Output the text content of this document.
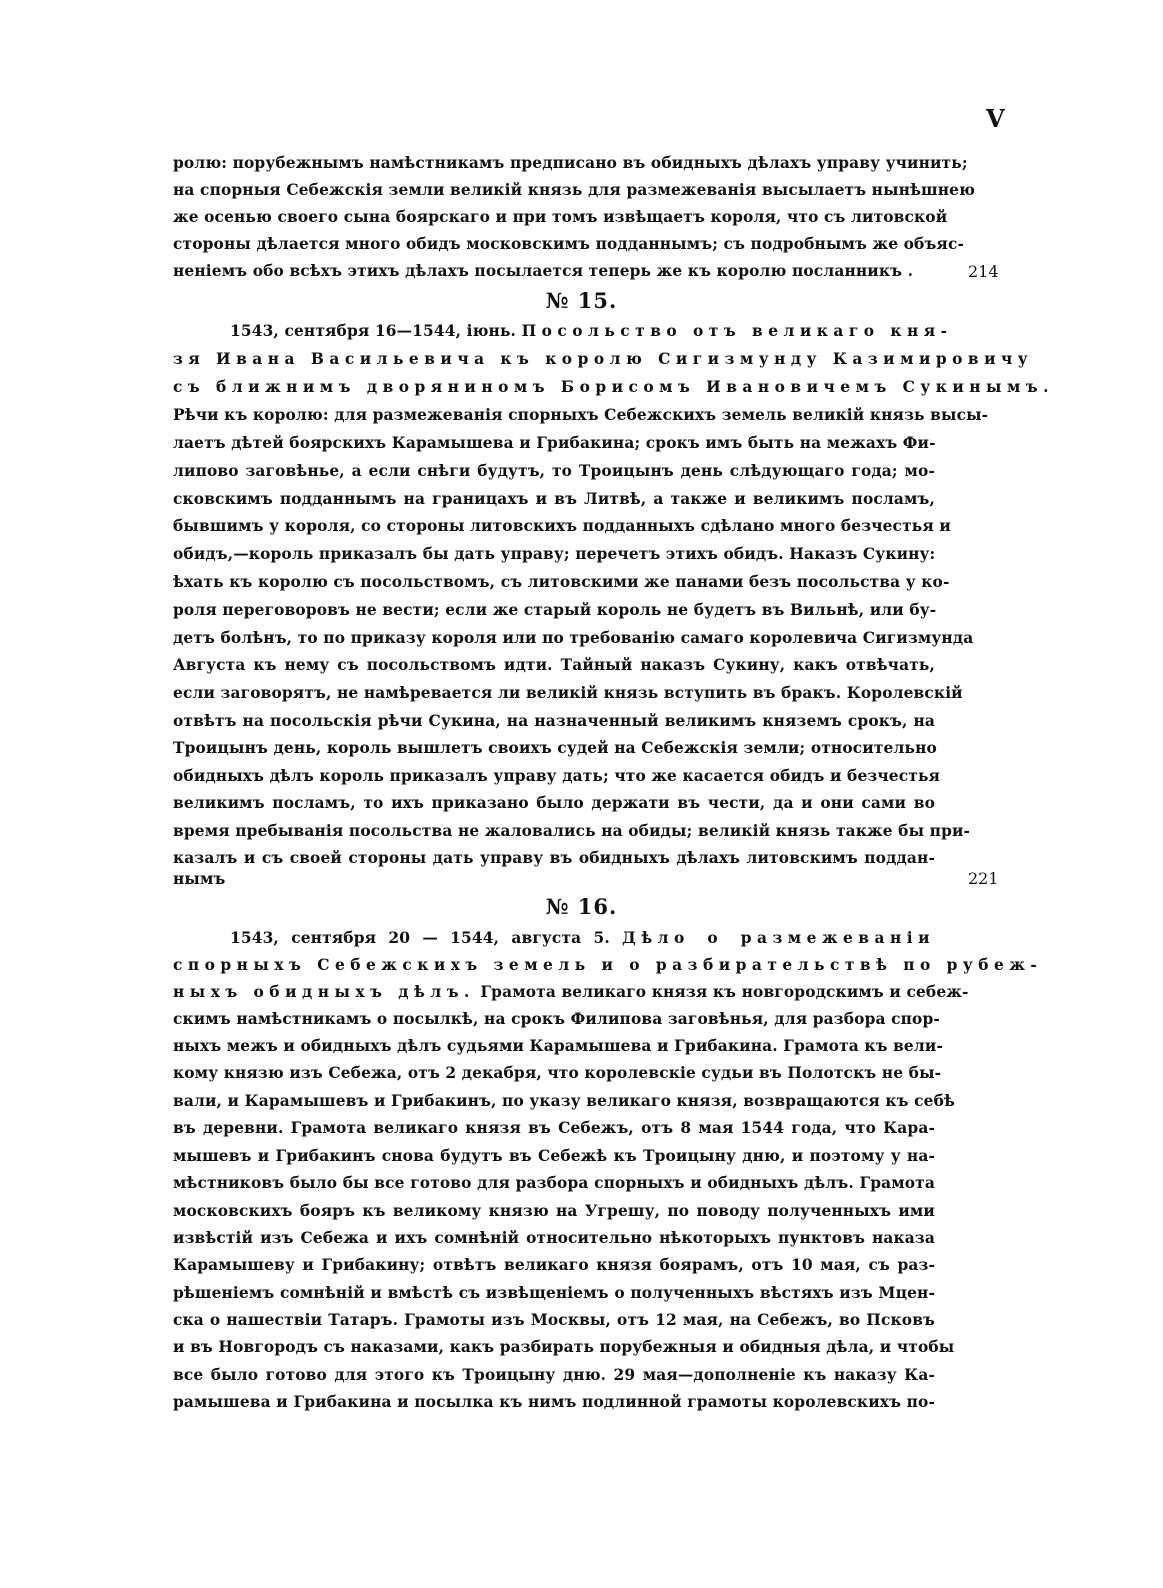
V
ролю: порубежнымъ намѣстникамъ предписано въ обидныхъ дѣлахъ управу учинить;
на спорныя Себежскія земли великій князь для размежеванія высылаетъ нынѣшнею
же осенью своего сына боярскаго и при томъ извѣщаетъ короля, что съ литовской
стороны дѣлается много обидъ московскимъ подданнымъ; съ подробнымъ же объяс-
неніемъ обо всѣхъ этихъ дѣлахъ посылается теперь же къ королю посланникъ .	214
№ 15.
1543, сентября 16—1544, іюнь. Посольство отъ великаго кня-
зя Ивана Васильевича къ королю Сигизмунду Казимировичу
съ ближнимъ дворяниномъ Борисомъ Ивановичемъ Сукинымъ.
Рѣчи къ королю: для размежеванія спорныхъ Себежскихъ земель великій князь высы-
лаетъ дѣтей боярскихъ Карамышева и Грибакина; срокъ имъ быть на межахъ Фи-
липово заговѣнье, а если снѣги будутъ, то Троицынъ день слѣдующаго года; мо-
сковскимъ подданнымъ на границахъ и въ Литвѣ, а также и великимъ посламъ,
бывшимъ у короля, со стороны литовскихъ подданныхъ сдѣлано много безчестья и
обидъ,—король приказалъ бы дать управу; перечетъ этихъ обидъ. Наказъ Сукину:
ѣхать къ королю съ посольствомъ, съ литовскими же панами безъ посольства у ко-
роля переговоровъ не вести; если же старый король не будетъ въ Вильнѣ, или бу-
детъ болѣнъ, то по приказу короля или по требованію самаго королевича Сигизмунда
Августа къ нему съ посольствомъ идти. Тайный наказъ Сукину, какъ отвѣчать,
если заговорятъ, не намѣревается ли великій князь вступить въ бракъ. Королевскій
отвѣтъ на посольскія рѣчи Сукина, на назначенный великимъ княземъ срокъ, на
Троицынъ день, король вышлетъ своихъ судей на Себежскія земли; относительно
обидныхъ дѣлъ король приказалъ управу дать; что же касается обидъ и безчестья
великимъ посламъ, то ихъ приказано было держати въ чести, да и они сами во
время пребыванія посольства не жаловались на обиды; великій князь также бы при-
казалъ и съ своей стороны дать управу въ обидныхъ дѣлахъ литовскимъ поддан-
нымъ	221
№ 16.
1543, сентября 20 — 1544, августа 5. Дѣло о размежеваніи
спорныхъ Себежскихъ земель и о разбирательствѣ по рубеж-
ныхъ обидныхъ дѣлъ. Грамота великаго князя къ новгородскимъ и себеж-
скимъ намѣстникамъ о посылкѣ, на срокъ Филипова заговѣнья, для разбора спор-
ныхъ межъ и обидныхъ дѣлъ судьями Карамышева и Грибакина. Грамота къ вели-
кому князю изъ Себежа, отъ 2 декабря, что королевскіе судьи въ Полотскъ не бы-
вали, и Карамышевъ и Грибакинъ, по указу великаго князя, возвращаются къ себѣ
въ деревни. Грамота великаго князя въ Себежъ, отъ 8 мая 1544 года, что Кара-
мышевъ и Грибакинъ снова будутъ въ Себежѣ къ Троицыну дню, и поэтому у на-
мѣстниковъ было бы все готово для разбора спорныхъ и обидныхъ дѣлъ. Грамота
московскихъ бояръ къ великому князю на Угрешу, по поводу полученныхъ ими
извѣстій изъ Себежа и ихъ сомнѣній относительно нѣкоторыхъ пунктовъ наказа
Карамышеву и Грибакину; отвѣтъ великаго князя боярамъ, отъ 10 мая, съ раз-
рѣшеніемъ сомнѣній и вмѣстѣ съ извѣщеніемъ о полученныхъ вѣстяхъ изъ Мцен-
ска о нашествіи Татаръ. Грамоты изъ Москвы, отъ 12 мая, на Себежъ, во Псковъ
и въ Новгородъ съ наказами, какъ разбирать порубежныя и обидныя дѣла, и чтобы
все было готово для этого къ Троицыну дню. 29 мая—дополненіе къ наказу Ка-
рамышева и Грибакина и посылка къ нимъ подлинной грамоты королевскихъ по-
